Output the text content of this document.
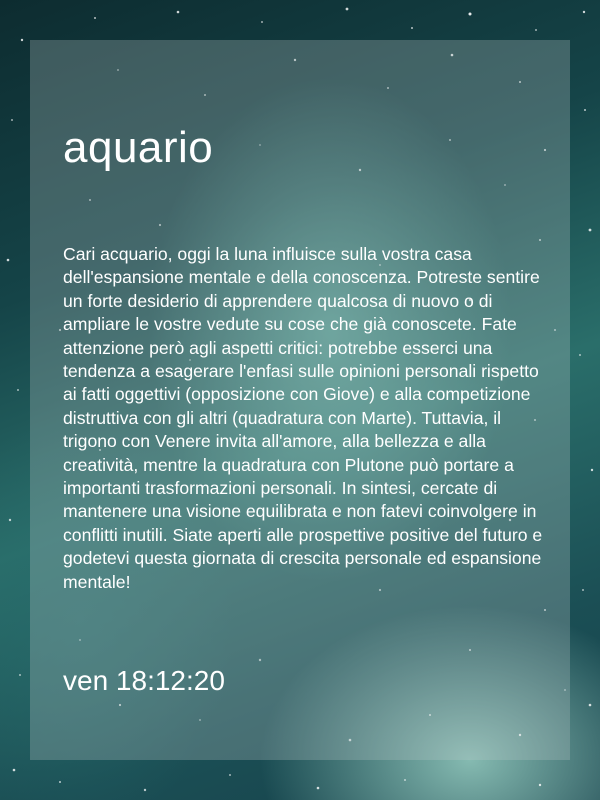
aquario

Cari acquario, oggi la luna influisce sulla vostra casa dell'espansione mentale e della conoscenza. Potreste sentire un forte desiderio di apprendere qualcosa di nuovo o di ampliare le vostre vedute su cose che già conoscete. Fate attenzione però agli aspetti critici: potrebbe esserci una tendenza a esagerare l'enfasi sulle opinioni personali rispetto ai fatti oggettivi (opposizione con Giove) e alla competizione distruttiva con gli altri (quadratura con Marte). Tuttavia, il trigono con Venere invita all'amore, alla bellezza e alla creatività, mentre la quadratura con Plutone può portare a importanti trasformazioni personali. In sintesi, cercate di mantenere una visione equilibrata e non fatevi coinvolgere in conflitti inutili. Siate aperti alle prospettive positive del futuro e godetevi questa giornata di crescita personale ed espansione mentale!

ven 18:12:20
